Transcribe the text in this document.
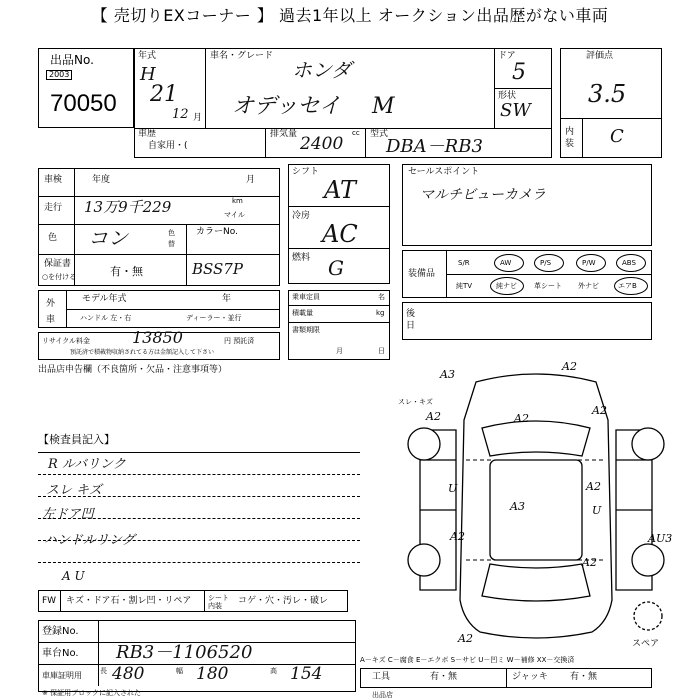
【 売切りEXコーナー 】 過去1年以上 オークション出品歴がない車両
出品No.
2003
70050
年式
H
21
12 月
車名・グレード
ホンダ
オデッセイ M
ドア
5
形状
SW
車歴
自家用・(
排気量 2400
cc 型式
DBA－RB3
評価点
3.5
内装 C
車検	年度	月
走行 13万9千229	km
マイル
色 コン	色替
カラーNo.
BSS7P
保証書
○を付ける	有・無
シフト
AT
冷房
AC
燃料 G
セールスポイント
マルチビューカメラ
装備品
S/R	AW	P/S	P/W	ABS
純TV	純ナビ 革シート 外ナビ	エアB
外車
モデル年式	年
ハンドル 左・右	ディーラー・並行
乗車定員	名
積載量	kg
書類期限
月	日
後日
リサイクル料金	13850	円 預託済
預託済で積載物収納されてる方は金額記入して下さい
出品店申告欄（不良箇所・欠品・注意事項等）
【検査員記入】
R ルバリンク
スレ キズ
左ドア凹
ハンドルリング
A U
FW キズ・ドア石・割レ凹・リペア シート内装	コゲ・穴・汚レ・破レ
登録No.
車台No. RB3－1106520
車庫証明用	長 480	幅 180	高 154
※ 保証用ブロックに記入された
A－キズ C－腐食 E－エクボ S－サビ U－凹ミ W－補修 XX－交換済
工具	有・無	ジャッキ 有・無
出品店
A3
A2
A2
A2
A2
A2
A3
U
U
A2	AU3
A2
A2
スレ・キズ
スペア
